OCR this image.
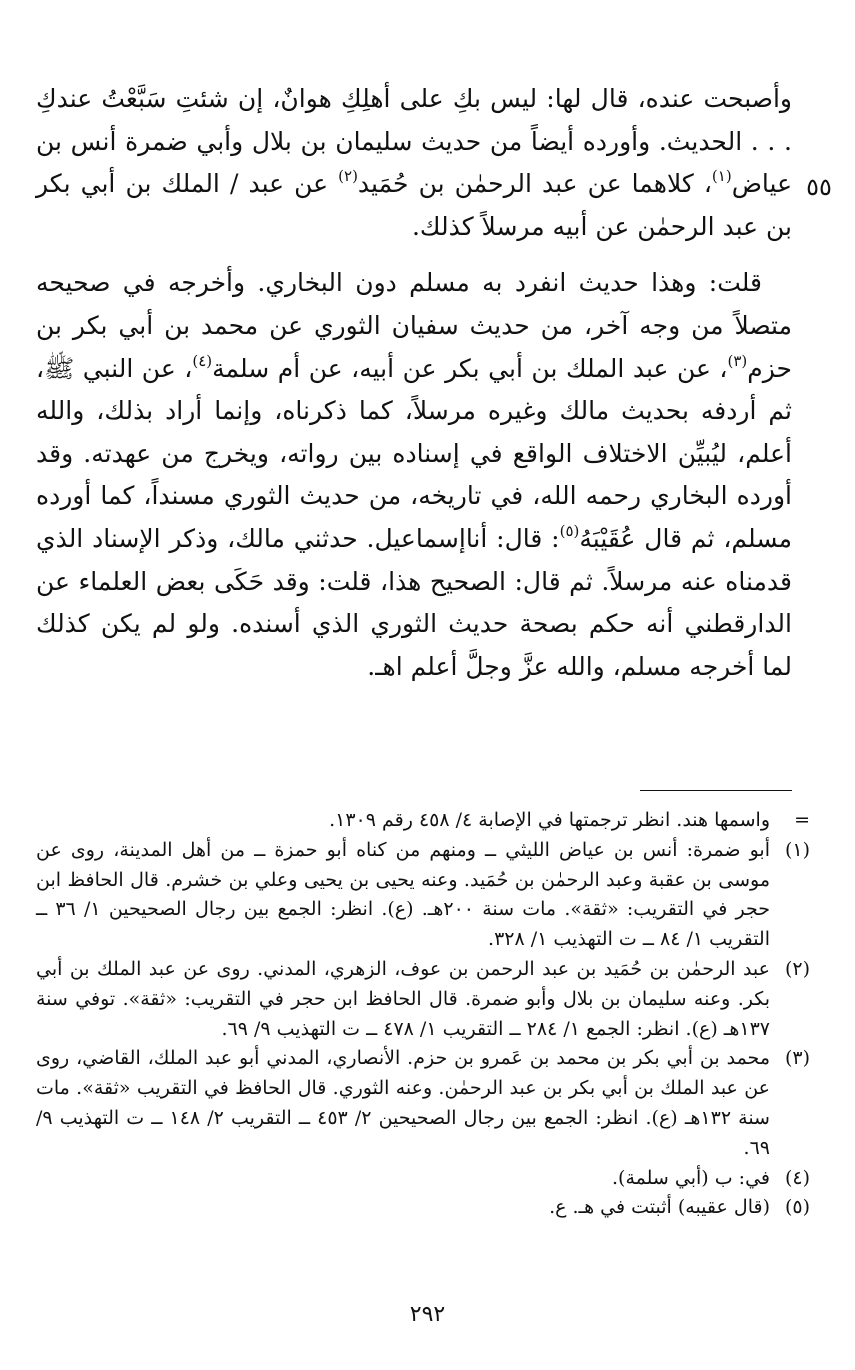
٥٥

وأصبحت عنده، قال لها: ليس بكِ على أهلِكِ هوانٌ، إن شئتِ سَبَّعْتُ عندكِ . . . الحديث. وأورده أيضاً من حديث سليمان بن بلال وأبي ضمرة أنس بن عياض$^{(١)}$، كلاهما عن عبد الرحمٰن بن حُمَيد$^{(٢)}$ عن عبد / الملك بن أبي بكر بن عبد الرحمٰن عن أبيه مرسلاً كذلك.

قلت: وهذا حديث انفرد به مسلم دون البخاري. وأخرجه في صحيحه متصلاً من وجه آخر، من حديث سفيان الثوري عن محمد بن أبي بكر بن حزم$^{(٣)}$، عن عبد الملك بن أبي بكر عن أبيه، عن أم سلمة$^{(٤)}$، عن النبي ﷺ، ثم أردفه بحديث مالك وغيره مرسلاً، كما ذكرناه، وإنما أراد بذلك، والله أعلم، ليُبيِّن الاختلاف الواقع في إسناده بين رواته، ويخرج من عهدته. وقد أورده البخاري رحمه الله، في تاريخه، من حديث الثوري مسنداً، كما أورده مسلم، ثم قال عُقَيْبَهُ$^{(٥)}$: قال: أناإسماعيل. حدثني مالك، وذكر الإسناد الذي قدمناه عنه مرسلاً. ثم قال: الصحيح هذا، قلت: وقد حَكَى بعض العلماء عن الدارقطني أنه حكم بصحة حديث الثوري الذي أسنده. ولو لم يكن كذلك لما أخرجه مسلم، والله عزَّ وجلَّ أعلم اهـ.

=
واسمها هند. انظر ترجمتها في الإصابة ٤/ ٤٥٨ رقم ١٣٠٩.
(١)
أبو ضمرة: أنس بن عياض الليثي ــ ومنهم من كناه أبو حمزة ــ من أهل المدينة، روى عن موسى بن عقبة وعبد الرحمٰن بن حُمَيد. وعنه يحيى بن يحيى وعلي بن خشرم. قال الحافظ ابن حجر في التقريب: «ثقة». مات سنة ٢٠٠هـ. (ع). انظر: الجمع بين رجال الصحيحين ١/ ٣٦ ــ التقريب ١/ ٨٤ ــ ت التهذيب ١/ ٣٢٨.
(٢)
عبد الرحمٰن بن حُمَيد بن عبد الرحمن بن عوف، الزهري، المدني. روى عن عبد الملك بن أبي بكر. وعنه سليمان بن بلال وأبو ضمرة. قال الحافظ ابن حجر في التقريب: «ثقة». توفي سنة ١٣٧هـ (ع). انظر: الجمع ١/ ٢٨٤ ــ التقريب ١/ ٤٧٨ ــ ت التهذيب ٩/ ٦٩.
(٣)
محمد بن أبي بكر بن محمد بن عَمرو بن حزم. الأنصاري، المدني أبو عبد الملك، القاضي، روى عن عبد الملك بن أبي بكر بن عبد الرحمٰن. وعنه الثوري. قال الحافظ في التقريب «ثقة». مات سنة ١٣٢هـ (ع). انظر: الجمع بين رجال الصحيحين ٢/ ٤٥٣ ــ التقريب ٢/ ١٤٨ ــ ت التهذيب ٩/ ٦٩.
(٤)
في: ب (أبي سلمة).
(٥)
(قال عقيبه) أثبتت في هـ. ع.
٢٩٢
